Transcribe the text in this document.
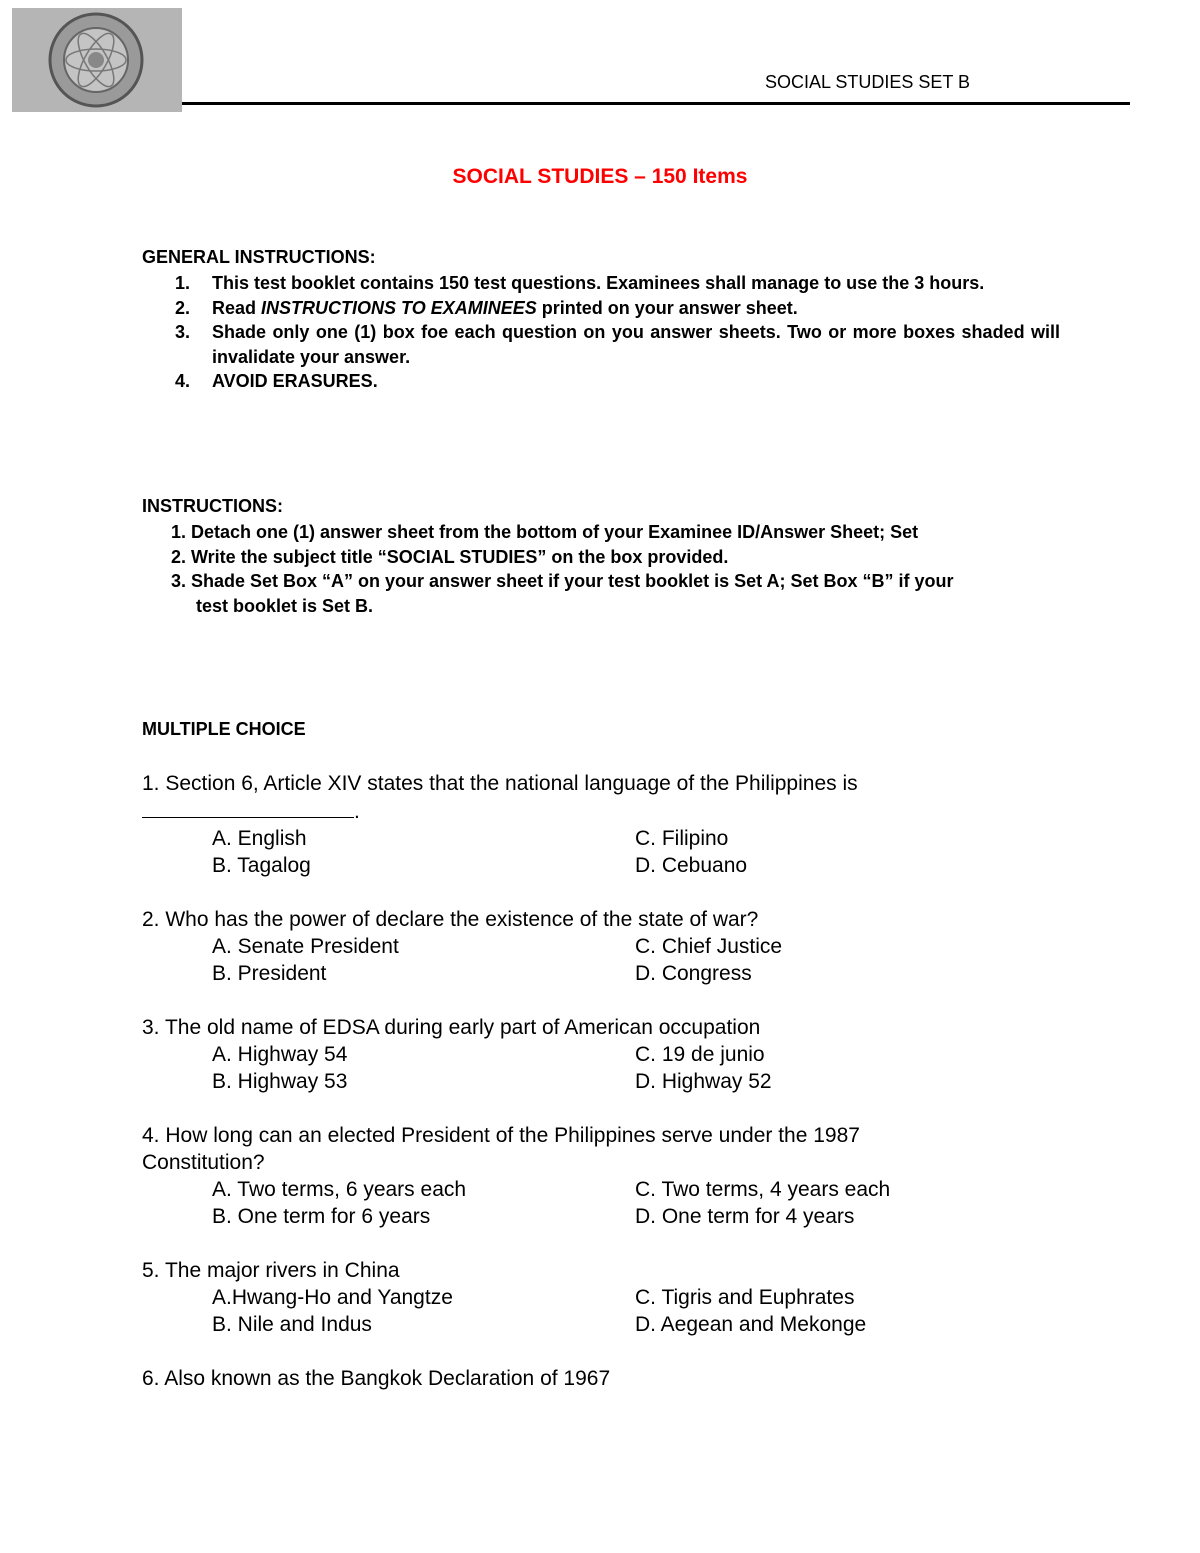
SOCIAL STUDIES SET B
SOCIAL STUDIES – 150 Items
GENERAL INSTRUCTIONS:
1.	This test booklet contains 150 test questions. Examinees shall manage to use the 3 hours.
2.	Read INSTRUCTIONS TO EXAMINEES printed on your answer sheet.
3.	Shade only one (1) box foe each question on you answer sheets. Two or more boxes shaded will invalidate your answer.
4.	AVOID ERASURES.
INSTRUCTIONS:
1. Detach one (1) answer sheet from the bottom of your Examinee ID/Answer Sheet; Set
2. Write the subject title “SOCIAL STUDIES” on the box provided.
3. Shade Set Box “A” on your answer sheet if your test booklet is Set A; Set Box “B” if your
test booklet is Set B.
MULTIPLE CHOICE
1. Section 6, Article XIV states that the national language of the Philippines is
.
A. English	C. Filipino
B. Tagalog	D. Cebuano
2. Who has the power of declare the existence of the state of war?
A. Senate President	C. Chief Justice
B. President	D. Congress
3. The old name of EDSA during early part of American occupation
A. Highway 54	C. 19 de junio
B. Highway 53	D. Highway 52
4. How long can an elected President of the Philippines serve under the 1987 Constitution?
A. Two terms, 6 years each	C. Two terms, 4 years each
B. One term for 6 years	D. One term for 4 years
5. The major rivers in China
A.Hwang-Ho and Yangtze	C. Tigris and Euphrates
B. Nile and Indus	D. Aegean and Mekonge
6. Also known as the Bangkok Declaration of 1967
